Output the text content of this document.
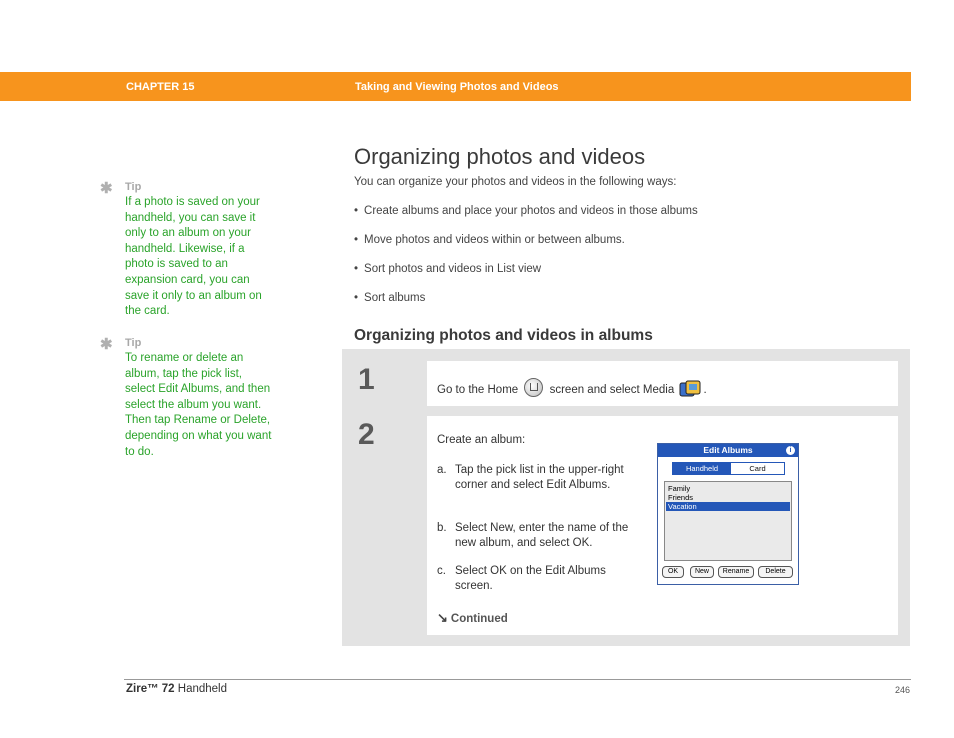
CHAPTER 15	Taking and Viewing Photos and Videos
✱ Tip
If a photo is saved on your handheld, you can save it only to an album on your handheld. Likewise, if a photo is saved to an expansion card, you can save it only to an album on the card.
✱ Tip
To rename or delete an album, tap the pick list, select Edit Albums, and then select the album you want. Then tap Rename or Delete, depending on what you want to do.
Organizing photos and videos
You can organize your photos and videos in the following ways:
• Create albums and place your photos and videos in those albums
• Move photos and videos within or between albums.
• Sort photos and videos in List view
• Sort albums
Organizing photos and videos in albums
1	Go to the Home	screen and select Media	.
2	Create an album:
a. Tap the pick list in the upper-right corner and select Edit Albums.
b. Select New, enter the name of the new album, and select OK.
c. Select OK on the Edit Albums screen.
↘ Continued
Edit Albums	i
Handheld	Card
Family
Friends
Vacation
OK	New	Rename	Delete
Zire™ 72 Handheld	246
